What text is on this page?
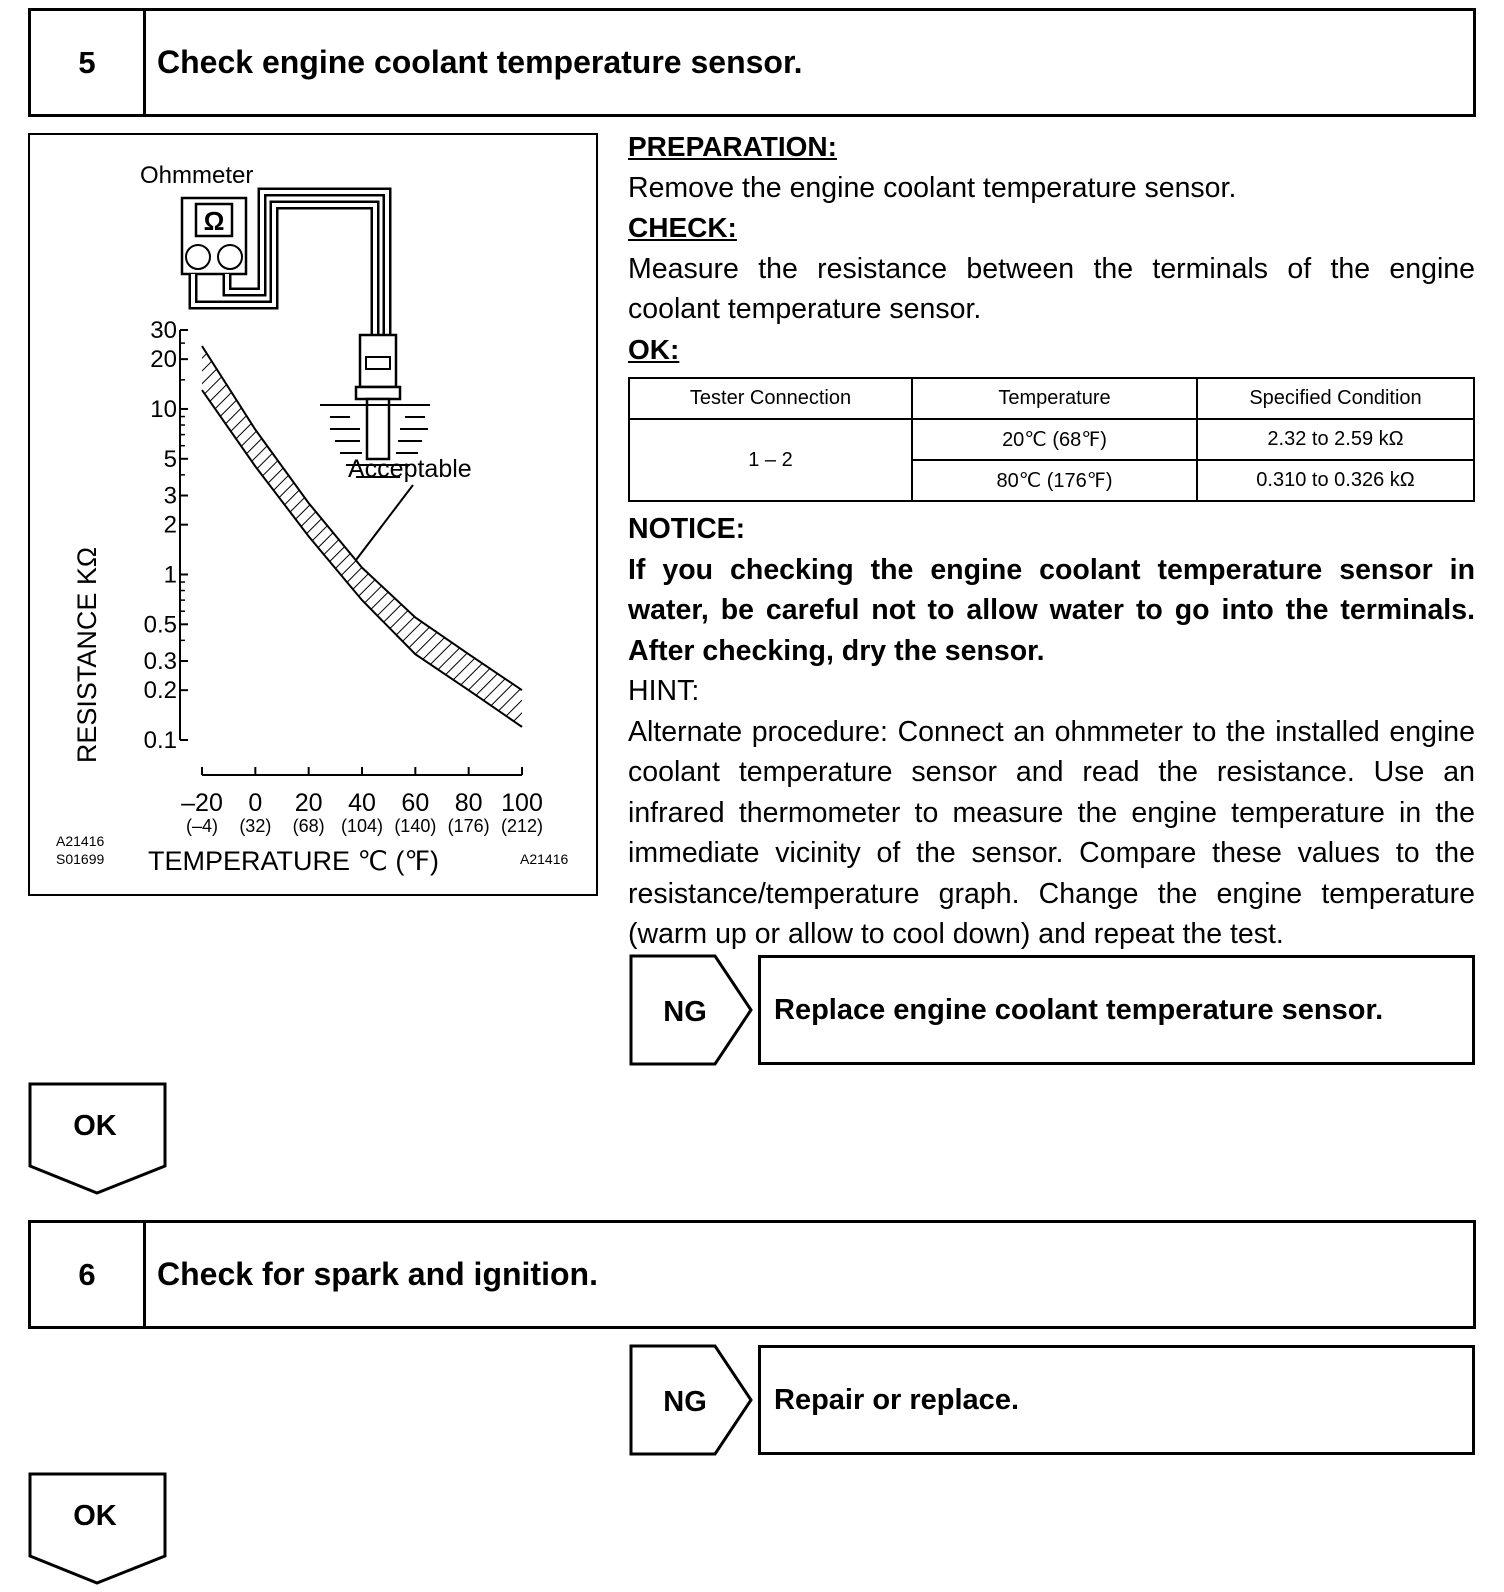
5	Check engine coolant temperature sensor.
Ohmmeter
Ω
30
20
10
5
3
2
1
0.5
0.3
0.2
0.1
–20
(–4)
0
(32)
20
(68)
40
(104)
60
(140)
80
(176)
100
(212)
TEMPERATURE ℃ (℉)
RESISTANCE KΩ
Acceptable
A21416
S01699	A21416
PREPARATION:
Remove the engine coolant temperature sensor.
CHECK:
Measure the resistance between the terminals of the engine coolant temperature sensor.
OK:
Tester Connection	Temperature	Specified Condition
1 – 2	20℃ (68℉)	2.32 to 2.59 kΩ
	80℃ (176℉)	0.310 to 0.326 kΩ
NOTICE:
If you checking the engine coolant temperature sensor in water, be careful not to allow water to go into the terminals. After checking, dry the sensor.
HINT:
Alternate procedure: Connect an ohmmeter to the installed engine coolant temperature sensor and read the resistance. Use an infrared thermometer to measure the engine temperature in the immediate vicinity of the sensor. Compare these values to the resistance/temperature graph. Change the engine temperature (warm up or allow to cool down) and repeat the test.
NG	Replace engine coolant temperature sensor.
OK
6	Check for spark and ignition.
NG	Repair or replace.
OK
